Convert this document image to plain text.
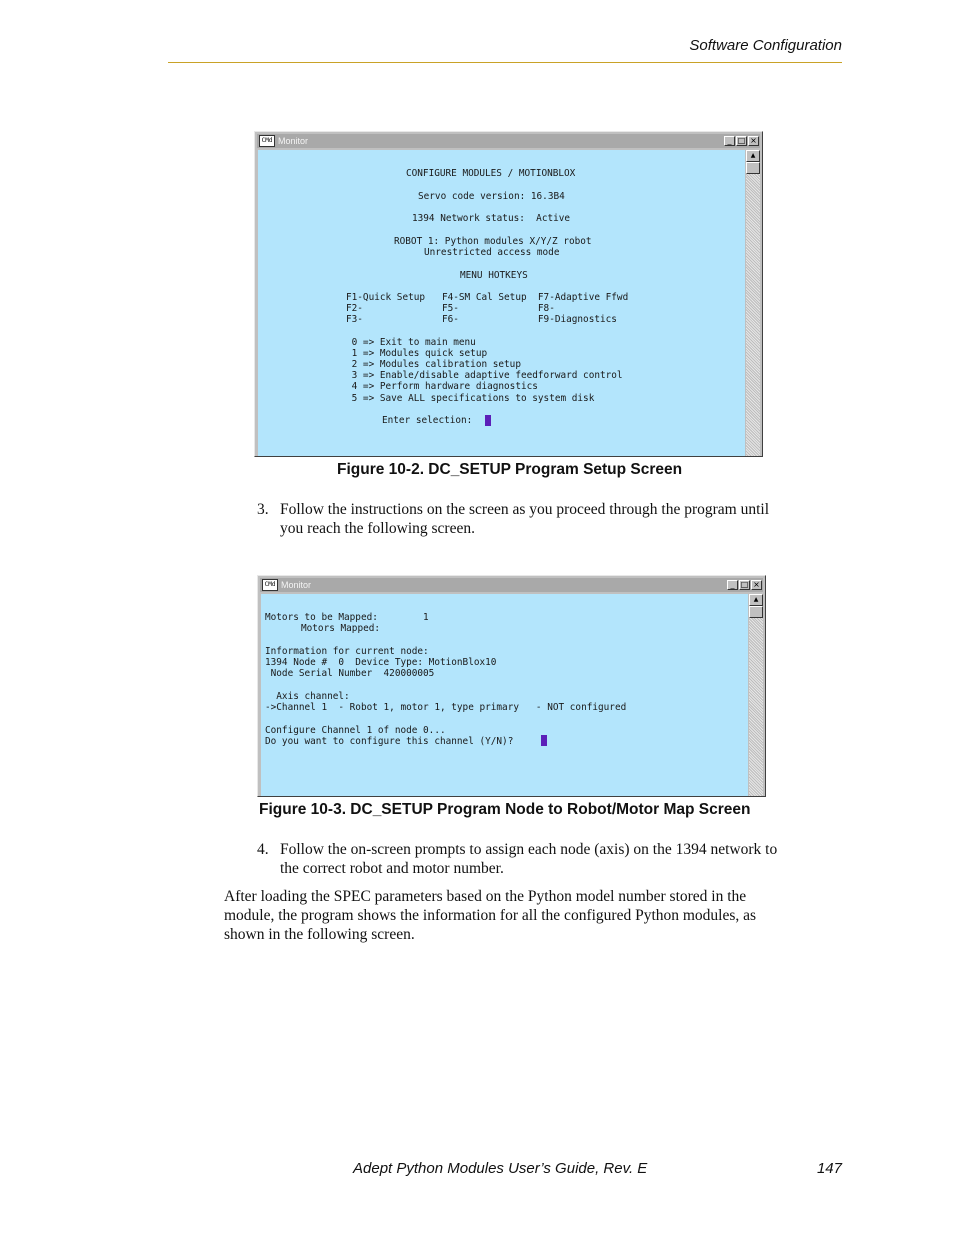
Software Configuration
CMd Monitor	_ □ ×

CONFIGURE MODULES / MOTIONBLOX

Servo code version: 16.3B4

1394 Network status:  Active

ROBOT 1: Python modules X/Y/Z robot

Unrestricted access mode

MENU HOTKEYS

F1-Quick Setup   F4-SM Cal Setup  F7-Adaptive Ffwd

F2-              F5-              F8-

F3-              F6-              F9-Diagnostics

0 => Exit to main menu

1 => Modules quick setup

2 => Modules calibration setup

3 => Enable/disable adaptive feedforward control

4 => Perform hardware diagnostics

5 => Save ALL specifications to system disk

Enter selection:

▲
Figure 10-2. DC_SETUP Program Setup Screen
3. Follow the instructions on the screen as you proceed through the program until
you reach the following screen.
CMd Monitor	_ □ ×

Motors to be Mapped:        1

Motors Mapped:

Information for current node:

1394 Node #  0  Device Type: MotionBlox10

Node Serial Number  420000005

Axis channel:

->Channel 1  - Robot 1, motor 1, type primary   - NOT configured

Configure Channel 1 of node 0...

Do you want to configure this channel (Y/N)?

▲
Figure 10-3. DC_SETUP Program Node to Robot/Motor Map Screen
4. Follow the on-screen prompts to assign each node (axis) on the 1394 network to
the correct robot and motor number.
After loading the SPEC parameters based on the Python model number stored in the
module, the program shows the information for all the configured Python modules, as
shown in the following screen.
Adept Python Modules User’s Guide, Rev. E	147
